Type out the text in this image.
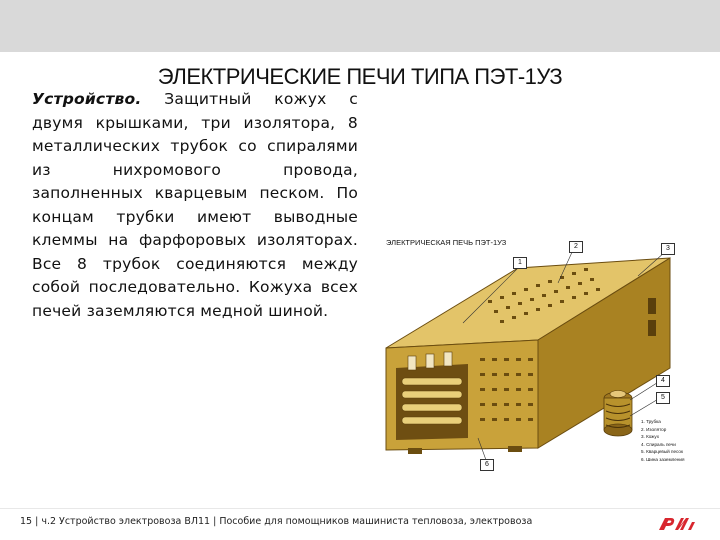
ЭЛЕКТРИЧЕСКИЕ ПЕЧИ ТИПА ПЭТ-1УЗ
Устройство. Защитный кожух с двумя крышками, три изолятора, 8 металлических трубок со спиралями из нихромового провода, заполненных кварцевым песком. По концам трубки имеют выводные клеммы на фарфоровых изоляторах. Все 8 трубок соединяются между собой последовательно. Кожуха всех печей заземляются медной шиной.
ЭЛЕКТРИЧЕСКАЯ ПЕЧЬ ПЭТ-1УЗ
1
2	3
4
5
6
1. Трубка
2. Изолятор
3. Кожух
4. Спираль печи
5. Кварцевый песок
6. Шина заземления
15 | ч.2 Устройство электровоза ВЛ11 | Пособие для помощников машиниста тепловоза, электровоза
